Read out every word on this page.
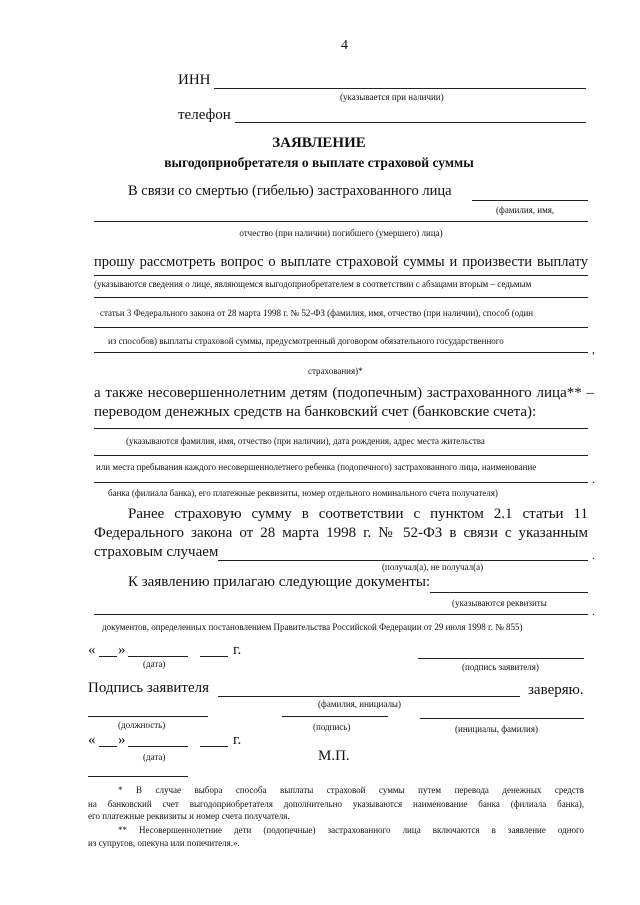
4
ИНН
(указывается при наличии)
телефон
ЗАЯВЛЕНИЕ
выгодоприобретателя о выплате страховой суммы
В связи со смертью (гибелью) застрахованного лица
(фамилия, имя,
отчество (при наличии) погибшего (умершего) лица)
прошу рассмотреть вопрос о выплате страховой суммы и произвести выплату
(указываются сведения о лице, являющемся выгодоприобретателем в соответствии с абзацами вторым – седьмым
статьи 3 Федерального закона от 28 марта 1998 г. № 52-ФЗ (фамилия, имя, отчество (при наличии), способ (один
из способов) выплаты страховой суммы, предусмотренный договором обязательного государственного
,
страхования)*
а также несовершеннолетним детям (подопечным) застрахованного лица** –
переводом денежных средств на банковский счет (банковские счета):
(указываются фамилия, имя, отчество (при наличии), дата рождения, адрес места жительства
или места пребывания каждого несовершеннолетнего ребенка (подопечного) застрахованного лица, наименование
.
банка (филиала банка), его платежные реквизиты, номер отдельного номинального счета получателя)
Ранее страховую сумму в соответствии с пунктом 2.1 статьи 11
Федерального закона от 28 марта 1998 г. № 52-ФЗ в связи с указанным
страховым случаем	.
(получал(а), не получал(а)
К заявлению прилагаю следующие документы:
(указываются реквизиты
.
документов, определенных постановлением Правительства Российской Федерации от 29 июля 1998 г. № 855)
« »	г.
(дата)	(подпись заявителя)
Подпись заявителя	заверяю.
(фамилия, инициалы)
(должность)	(подпись)	(инициалы, фамилия)
« »	г.
(дата)	М.П.
* В случае выбора способа выплаты страховой суммы путем перевода денежных средств
на банковский счет выгодоприобретателя дополнительно указываются наименование банка (филиала банка),
его платежные реквизиты и номер счета получателя.
** Несовершеннолетние дети (подопечные) застрахованного лица включаются в заявление одного
из супругов, опекуна или попечителя.».
